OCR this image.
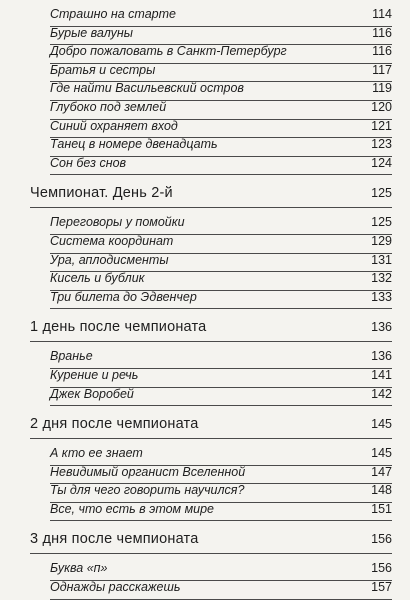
Страшно на старте	114
Бурые валуны	116
Добро пожаловать в Санкт-Петербург	116
Братья и сестры	117
Где найти Васильевский остров	119
Глубоко под землей	120
Синий охраняет вход	121
Танец в номере двенадцать	123
Сон без снов	124
Чемпионат. День 2-й	125
Переговоры у помойки	125
Система координат	129
Ура, аплодисменты	131
Кисель и бублик	132
Три билета до Эдвенчер	133
1 день после чемпионата	136
Вранье	136
Курение и речь	141
Джек Воробей	142
2 дня после чемпионата	145
А кто ее знает	145
Невидимый органист Вселенной	147
Ты для чего говорить научился?	148
Все, что есть в этом мире	151
3 дня после чемпионата	156
Буква «п»	156
Однажды расскажешь	157
